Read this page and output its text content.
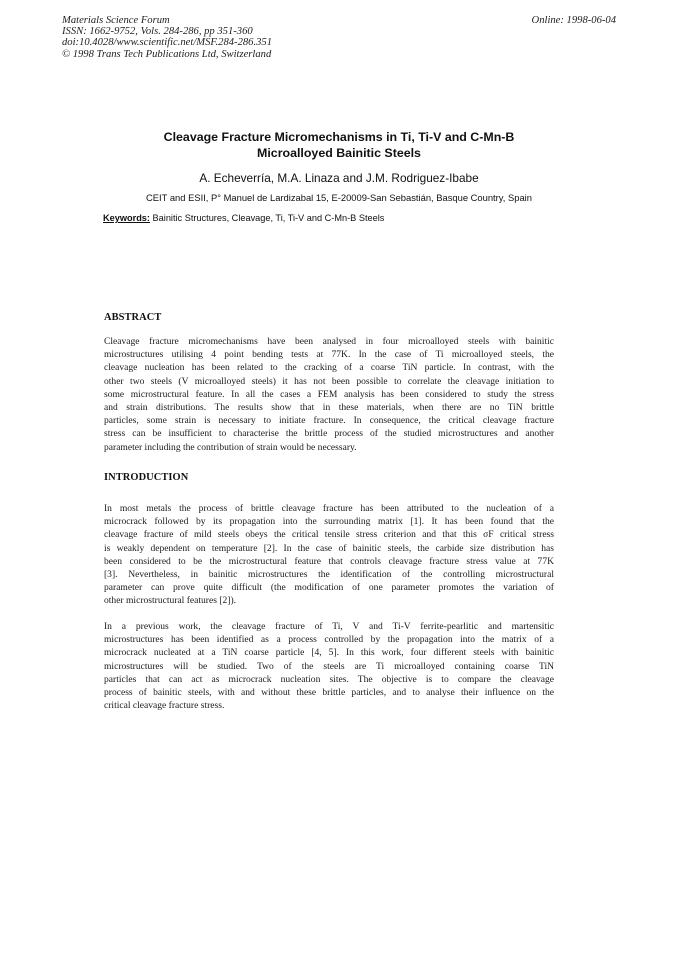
Materials Science Forum
ISSN: 1662-9752, Vols. 284-286, pp 351-360
doi:10.4028/www.scientific.net/MSF.284-286.351
© 1998 Trans Tech Publications Ltd, Switzerland
Online: 1998-06-04
Cleavage Fracture Micromechanisms in Ti, Ti-V and C-Mn-B
Microalloyed Bainitic Steels
A. Echeverría, M.A. Linaza and J.M. Rodriguez-Ibabe
CEIT and ESII, P° Manuel de Lardizabal 15, E-20009-San Sebastián, Basque Country, Spain
Keywords: Bainitic Structures, Cleavage, Ti, Ti-V and C-Mn-B Steels
ABSTRACT
Cleavage fracture micromechanisms have been analysed in four microalloyed steels with bainitic
microstructures utilising 4 point bending tests at 77K. In the case of Ti microalloyed steels, the
cleavage nucleation has been related to the cracking of a coarse TiN particle. In contrast, with the
other two steels (V microalloyed steels) it has not been possible to correlate the cleavage initiation to
some microstructural feature. In all the cases a FEM analysis has been considered to study the stress
and strain distributions. The results show that in these materials, when there are no TiN brittle
particles, some strain is necessary to initiate fracture. In consequence, the critical cleavage fracture
stress can be insufficient to characterise the brittle process of the studied microstructures and another
parameter including the contribution of strain would be necessary.
INTRODUCTION
In most metals the process of brittle cleavage fracture has been attributed to the nucleation of a
microcrack followed by its propagation into the surrounding matrix [1]. It has been found that the
cleavage fracture of mild steels obeys the critical tensile stress criterion and that this σF critical stress
is weakly dependent on temperature [2]. In the case of bainitic steels, the carbide size distribution has
been considered to be the microstructural feature that controls cleavage fracture stress value at 77K
[3]. Nevertheless, in bainitic microstructures the identification of the controlling microstructural
parameter can prove quite difficult (the modification of one parameter promotes the variation of
other microstructural features [2]).
In a previous work, the cleavage fracture of Ti, V and Ti-V ferrite-pearlitic and martensitic
microstructures has been identified as a process controlled by the propagation into the matrix of a
microcrack nucleated at a TiN coarse particle [4, 5]. In this work, four different steels with bainitic
microstructures will be studied. Two of the steels are Ti microalloyed containing coarse TiN
particles that can act as microcrack nucleation sites. The objective is to compare the cleavage
process of bainitic steels, with and without these brittle particles, and to analyse their influence on the
critical cleavage fracture stress.
